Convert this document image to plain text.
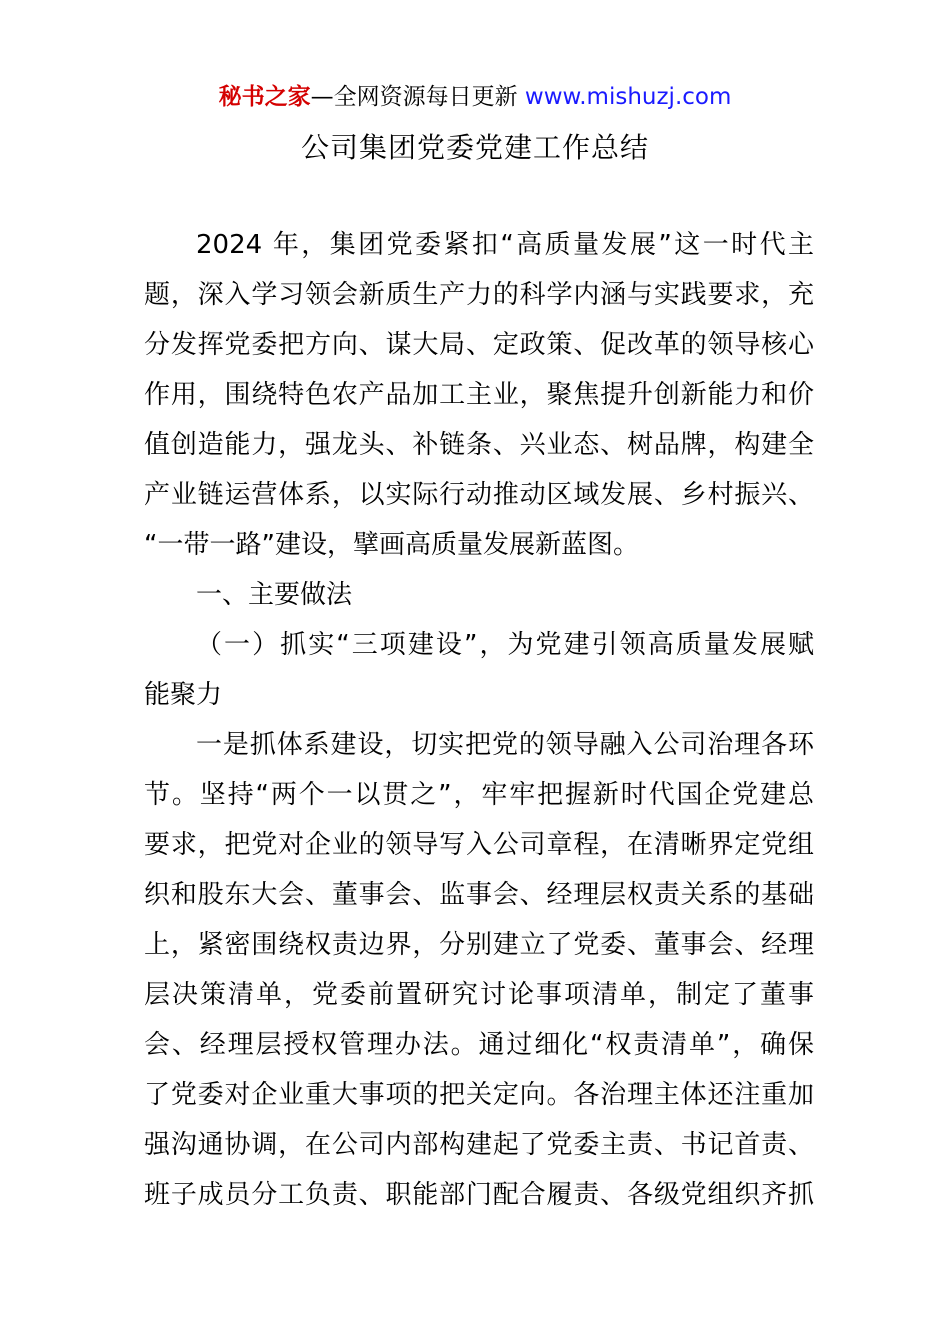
秘书之家—全网资源每日更新 www.mishuzj.com
公司集团党委党建工作总结
2024 年，集团党委紧扣“高质量发展”这一时代主
题，深入学习领会新质生产力的科学内涵与实践要求，充
分发挥党委把方向、谋大局、定政策、促改革的领导核心
作用，围绕特色农产品加工主业，聚焦提升创新能力和价
值创造能力，强龙头、补链条、兴业态、树品牌，构建全
产业链运营体系，以实际行动推动区域发展、乡村振兴、
“一带一路”建设，擘画高质量发展新蓝图。
一、主要做法
（一）抓实“三项建设”，为党建引领高质量发展赋
能聚力
一是抓体系建设，切实把党的领导融入公司治理各环
节。坚持“两个一以贯之”，牢牢把握新时代国企党建总
要求，把党对企业的领导写入公司章程，在清晰界定党组
织和股东大会、董事会、监事会、经理层权责关系的基础
上，紧密围绕权责边界，分别建立了党委、董事会、经理
层决策清单，党委前置研究讨论事项清单，制定了董事
会、经理层授权管理办法。通过细化“权责清单”，确保
了党委对企业重大事项的把关定向。各治理主体还注重加
强沟通协调，在公司内部构建起了党委主责、书记首责、
班子成员分工负责、职能部门配合履责、各级党组织齐抓
